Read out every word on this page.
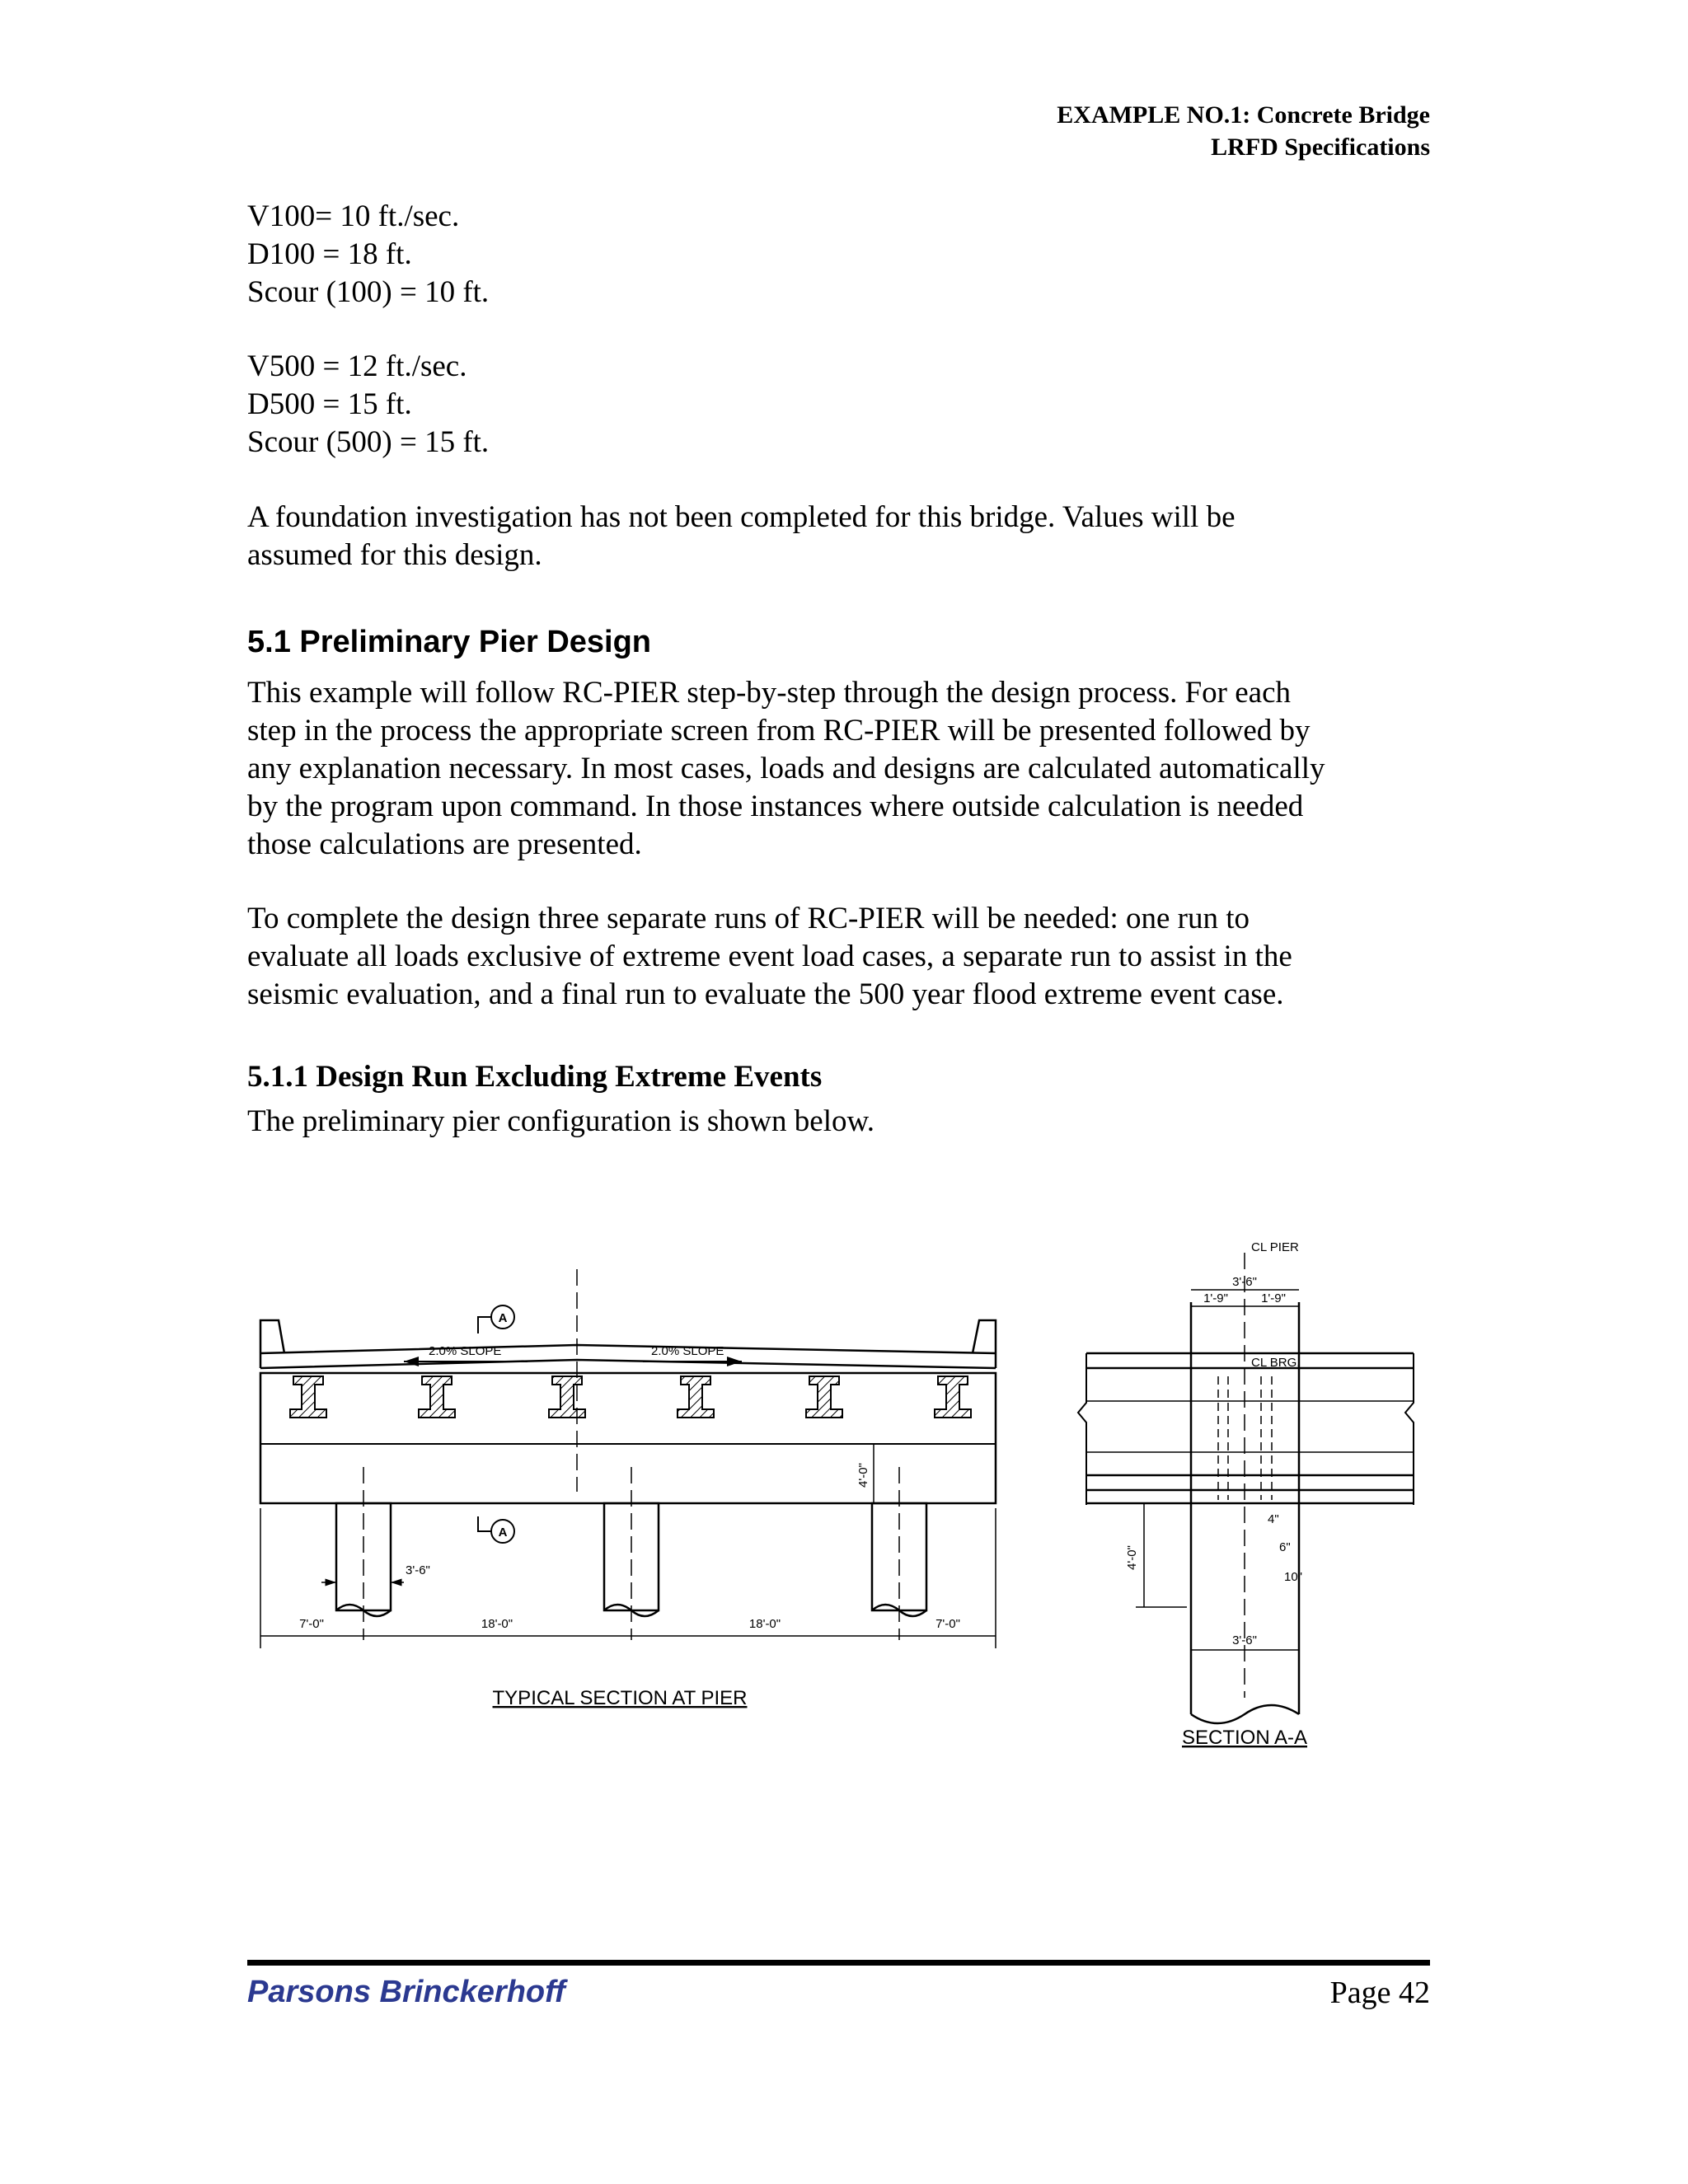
EXAMPLE NO.1: Concrete Bridge
LRFD Specifications
V100= 10 ft./sec.
D100 = 18 ft.
Scour (100) = 10 ft.
V500 = 12 ft./sec.
D500 = 15 ft.
Scour (500) = 15 ft.
A foundation investigation has not been completed for this bridge. Values will be
assumed for this design.
5.1 Preliminary Pier Design
This example will follow RC-PIER step-by-step through the design process. For each
step in the process the appropriate screen from RC-PIER will be presented followed by
any explanation necessary. In most cases, loads and designs are calculated automatically
by the program upon command. In those instances where outside calculation is needed
those calculations are presented.
To complete the design three separate runs of RC-PIER will be needed: one run to
evaluate all loads exclusive of extreme event load cases, a separate run to assist in the
seismic evaluation, and a final run to evaluate the 500 year flood extreme event case.
5.1.1 Design Run Excluding Extreme Events
The preliminary pier configuration is shown below.
A
A
2.0% SLOPE	2.0% SLOPE
4'-0"
3'-6"
7'-0"	18'-0"	18'-0"	7'-0"
TYPICAL SECTION AT PIER
CL PIER
3'-6"
1'-9"	1'-9"
CL BRG.
4"
6"
10"
4'-0"
3'-6"
SECTION A-A
Parsons Brinckerhoff	Page 42
